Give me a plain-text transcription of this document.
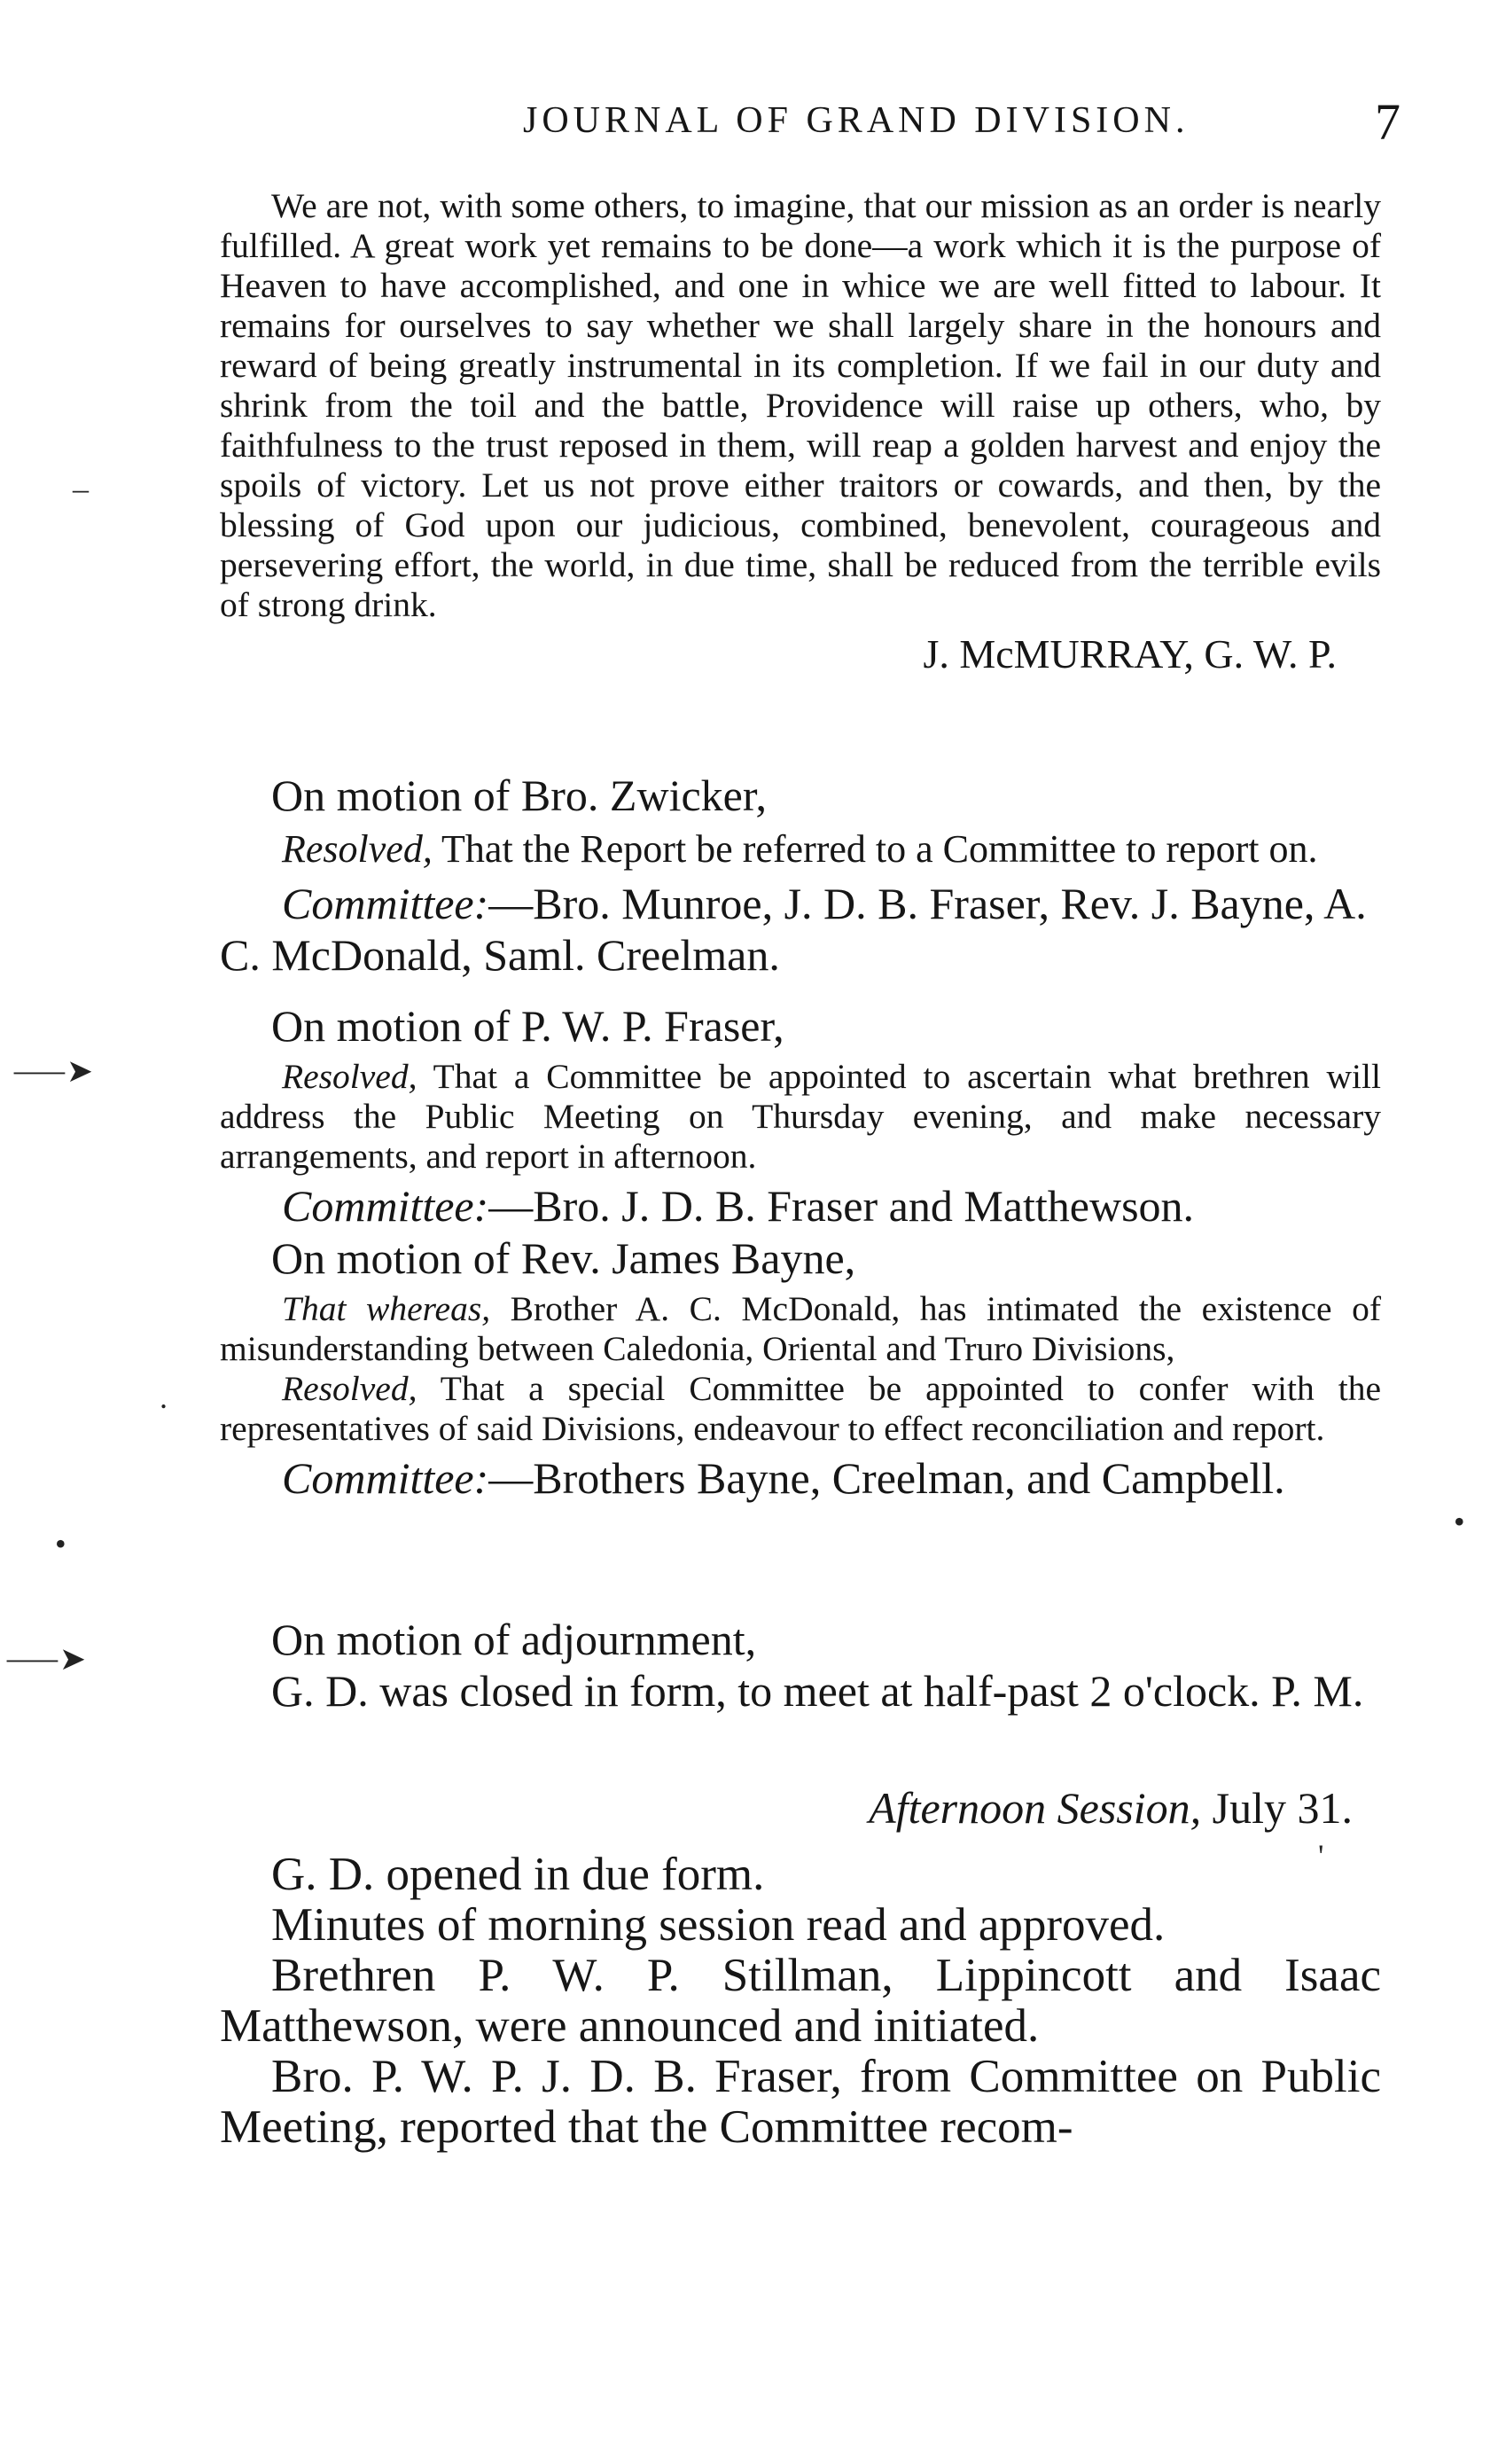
JOURNAL OF GRAND DIVISION.	7
–
⸺➤
.
•
•
'
⸺➤

We are not, with some others, to imagine, that our mission as an order is nearly fulfilled. A great work yet remains to be done—a work which it is the purpose of Heaven to have accomplished, and one in whice we are well fitted to labour. It remains for ourselves to say whether we shall largely share in the honours and reward of being greatly instrumental in its completion. If we fail in our duty and shrink from the toil and the battle, Providence will raise up others, who, by faithfulness to the trust reposed in them, will reap a golden harvest and enjoy the spoils of victory. Let us not prove either traitors or cowards, and then, by the blessing of God upon our judicious, combined, benevolent, courageous and persevering effort, the world, in due time, shall be reduced from the terrible evils of strong drink.

J. McMURRAY, G. W. P.

On motion of Bro. Zwicker,

Resolved, That the Report be referred to a Committee to report on.

Committee:—Bro. Munroe, J. D. B. Fraser, Rev. J. Bayne, A. C. McDonald, Saml. Creelman.

On motion of P. W. P. Fraser,

Resolved, That a Committee be appointed to ascertain what brethren will address the Public Meeting on Thursday evening, and make necessary arrangements, and report in afternoon.

Committee:—Bro. J. D. B. Fraser and Matthewson.

On motion of Rev. James Bayne,

That whereas, Brother A. C. McDonald, has intimated the existence of misunderstanding between Caledonia, Oriental and Truro Divisions,

Resolved, That a special Committee be appointed to confer with the representatives of said Divisions, endeavour to effect reconciliation and report.

Committee:—Brothers Bayne, Creelman, and Campbell.

On motion of adjournment,

G. D. was closed in form, to meet at half-past 2 o'clock. P. M.

Afternoon Session, July 31.

G. D. opened in due form.

Minutes of morning session read and approved.

Brethren P. W. P. Stillman, Lippincott and Isaac Matthewson, were announced and initiated.

Bro. P. W. P. J. D. B. Fraser, from Committee on Public Meeting, reported that the Committee recom-
